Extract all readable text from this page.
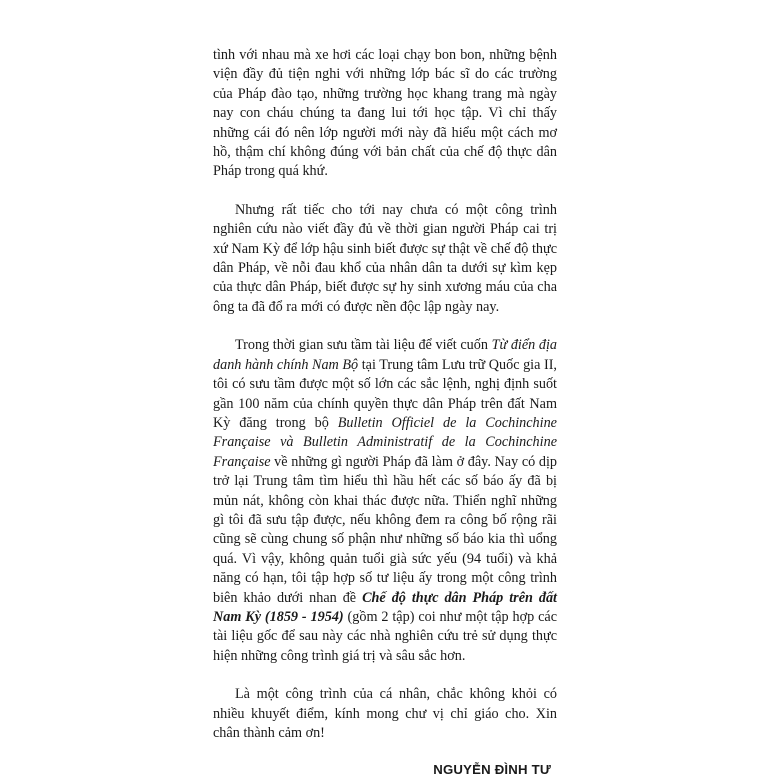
tình với nhau mà xe hơi các loại chạy bon bon, những bệnh viện đầy đủ tiện nghi với những lớp bác sĩ do các trường của Pháp đào tạo, những trường học khang trang mà ngày nay con cháu chúng ta đang lui tới học tập. Vì chỉ thấy những cái đó nên lớp người mới này đã hiểu một cách mơ hồ, thậm chí không đúng với bản chất của chế độ thực dân Pháp trong quá khứ.

Nhưng rất tiếc cho tới nay chưa có một công trình nghiên cứu nào viết đầy đủ về thời gian người Pháp cai trị xứ Nam Kỳ để lớp hậu sinh biết được sự thật về chế độ thực dân Pháp, về nỗi đau khổ của nhân dân ta dưới sự kìm kẹp của thực dân Pháp, biết được sự hy sinh xương máu của cha ông ta đã đổ ra mới có được nền độc lập ngày nay.

Trong thời gian sưu tầm tài liệu để viết cuốn Từ điển địa danh hành chính Nam Bộ tại Trung tâm Lưu trữ Quốc gia II, tôi có sưu tầm được một số lớn các sắc lệnh, nghị định suốt gần 100 năm của chính quyền thực dân Pháp trên đất Nam Kỳ đăng trong bộ Bulletin Officiel de la Cochinchine Française và Bulletin Administratif de la Cochinchine Française về những gì người Pháp đã làm ở đây. Nay có dịp trở lại Trung tâm tìm hiểu thì hầu hết các số báo ấy đã bị mủn nát, không còn khai thác được nữa. Thiển nghĩ những gì tôi đã sưu tập được, nếu không đem ra công bố rộng rãi cũng sẽ cùng chung số phận như những số báo kia thì uổng quá. Vì vậy, không quản tuổi già sức yếu (94 tuổi) và khả năng có hạn, tôi tập hợp số tư liệu ấy trong một công trình biên khảo dưới nhan đề Chế độ thực dân Pháp trên đất Nam Kỳ (1859 - 1954) (gồm 2 tập) coi như một tập hợp các tài liệu gốc để sau này các nhà nghiên cứu trẻ sử dụng thực hiện những công trình giá trị và sâu sắc hơn.

Là một công trình của cá nhân, chắc không khỏi có nhiều khuyết điểm, kính mong chư vị chỉ giáo cho. Xin chân thành cảm ơn!

NGUYỄN ĐÌNH TƯ
